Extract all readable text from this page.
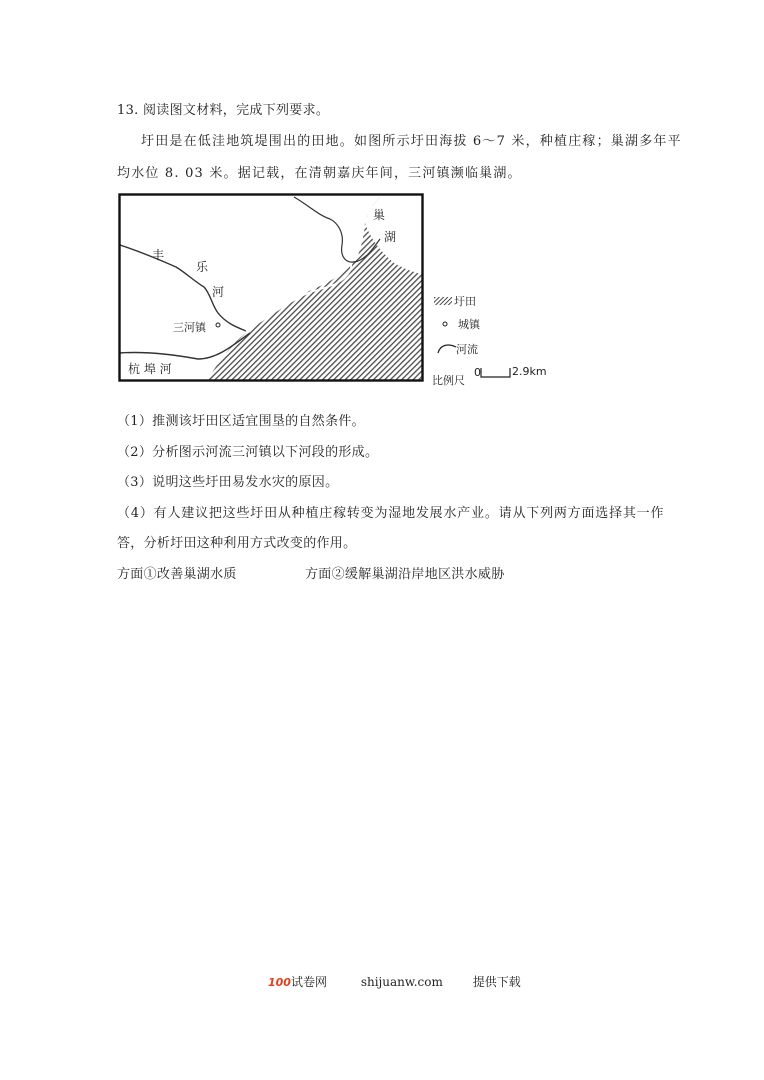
13. 阅读图文材料，完成下列要求。
圩田是在低洼地筑堤围出的田地。如图所示圩田海拔 6～7 米，种植庄稼；巢湖多年平
均水位 8. 03 米。据记载，在清朝嘉庆年间，三河镇濒临巢湖。
巢
湖
丰
乐
河
三河镇
杭 埠 河
圩田
城镇
河流
比例尺
0	2.9km
（1）推测该圩田区适宜围垦的自然条件。
（2）分析图示河流三河镇以下河段的形成。
（3）说明这些圩田易发水灾的原因。
（4）有人建议把这些圩田从种植庄稼转变为湿地发展水产业。请从下列两方面选择其一作
答，分析圩田这种利用方式改变的作用。
方面①改善巢湖水质	方面②缓解巢湖沿岸地区洪水威胁
100试卷网	shijuanw.com 提供下载
